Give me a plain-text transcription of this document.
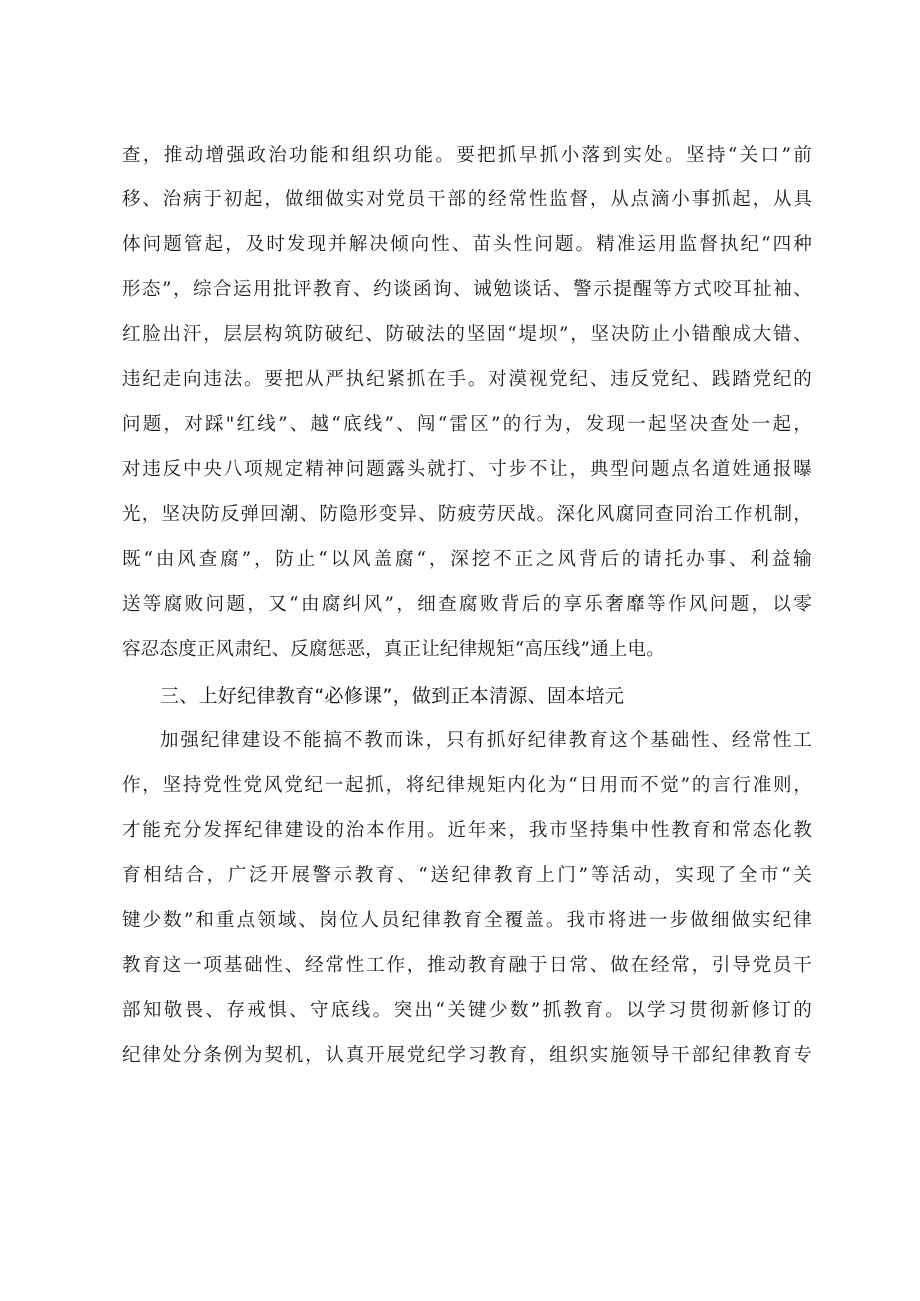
查，推动增强政治功能和组织功能。要把抓早抓小落到实处。坚持“关口”前
移、治病于初起，做细做实对党员干部的经常性监督，从点滴小事抓起，从具
体问题管起，及时发现并解决倾向性、苗头性问题。精准运用监督执纪“四种
形态”，综合运用批评教育、约谈函询、诫勉谈话、警示提醒等方式咬耳扯袖、
红脸出汗，层层构筑防破纪、防破法的坚固“堤坝”，坚决防止小错酿成大错、
违纪走向违法。要把从严执纪紧抓在手。对漠视党纪、违反党纪、践踏党纪的
问题，对踩"红线”、越“底线”、闯“雷区”的行为，发现一起坚决查处一起，
对违反中央八项规定精神问题露头就打、寸步不让，典型问题点名道姓通报曝
光，坚决防反弹回潮、防隐形变异、防疲劳厌战。深化风腐同查同治工作机制，
既“由风查腐”，防止“以风盖腐“，深挖不正之风背后的请托办事、利益输
送等腐败问题，又“由腐纠风”，细查腐败背后的享乐奢靡等作风问题，以零
容忍态度正风肃纪、反腐惩恶，真正让纪律规矩“高压线”通上电。
三、上好纪律教育“必修课”，做到正本清源、固本培元
加强纪律建设不能搞不教而诛，只有抓好纪律教育这个基础性、经常性工
作，坚持党性党风党纪一起抓，将纪律规矩内化为“日用而不觉”的言行准则，
才能充分发挥纪律建设的治本作用。近年来，我市坚持集中性教育和常态化教
育相结合，广泛开展警示教育、“送纪律教育上门”等活动，实现了全市“关
键少数”和重点领域、岗位人员纪律教育全覆盖。我市将进一步做细做实纪律
教育这一项基础性、经常性工作，推动教育融于日常、做在经常，引导党员干
部知敬畏、存戒惧、守底线。突出“关键少数”抓教育。以学习贯彻新修订的
纪律处分条例为契机，认真开展党纪学习教育，组织实施领导干部纪律教育专
